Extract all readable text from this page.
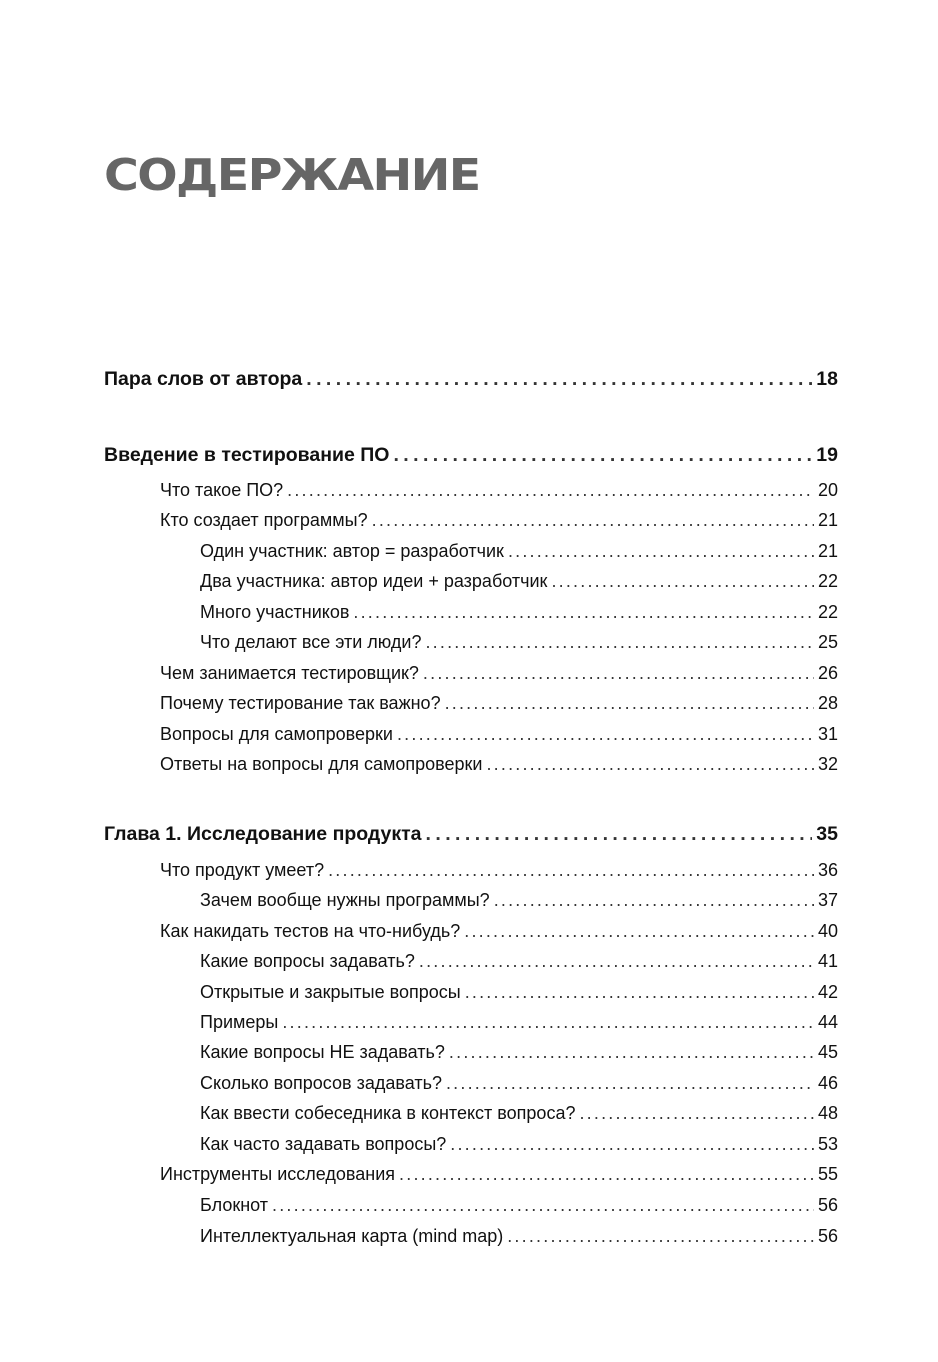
СОДЕРЖАНИЕ
Пара слов от автора . . .	18
Введение в тестирование ПО . . .	19
Что такое ПО? . . .	20
Кто создает программы? . . .	21
Один участник: автор = разработчик . . .	21
Два участника: автор идеи + разработчик . . .	22
Много участников . . .	22
Что делают все эти люди? . . .	25
Чем занимается тестировщик? . . .	26
Почему тестирование так важно? . . .	28
Вопросы для самопроверки . . .	31
Ответы на вопросы для самопроверки . . .	32
Глава 1. Исследование продукта . . .	35
Что продукт умеет? . . .	36
Зачем вообще нужны программы? . . .	37
Как накидать тестов на что-нибудь? . . .	40
Какие вопросы задавать? . . .	41
Открытые и закрытые вопросы . . .	42
Примеры . . .	44
Какие вопросы НЕ задавать? . . .	45
Сколько вопросов задавать? . . .	46
Как ввести собеседника в контекст вопроса? . . .	48
Как часто задавать вопросы? . . .	53
Инструменты исследования . . .	55
Блокнот . . .	56
Интеллектуальная карта (mind map) . . .	56
